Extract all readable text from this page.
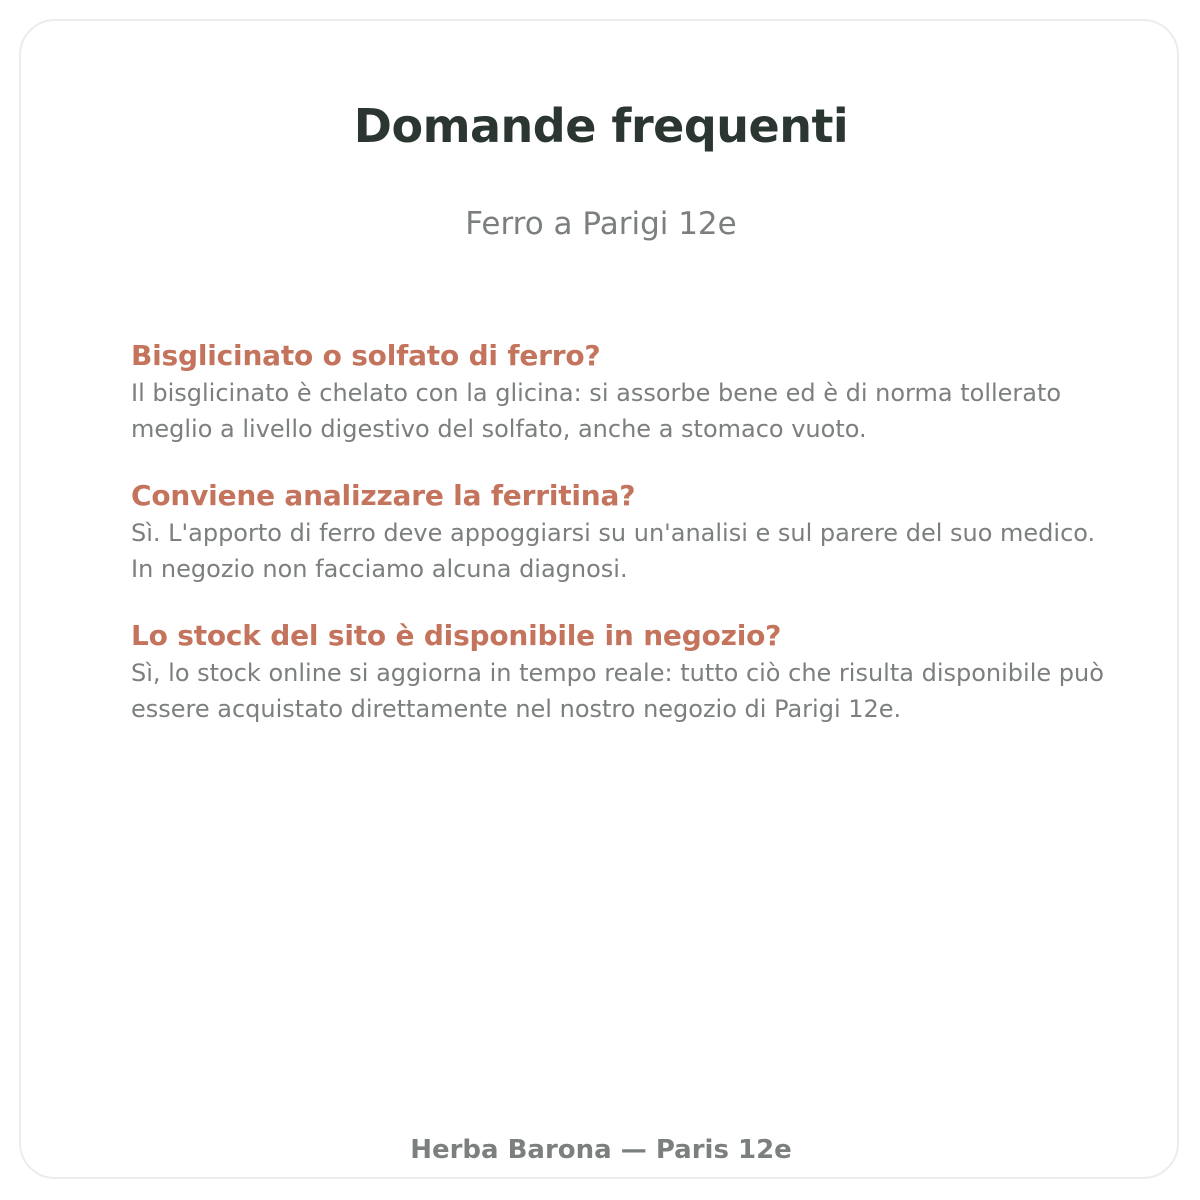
Domande frequenti
Ferro a Parigi 12e
Bisglicinato o solfato di ferro?
Il bisglicinato è chelato con la glicina: si assorbe bene ed è di norma tollerato meglio a livello digestivo del solfato, anche a stomaco vuoto.
Conviene analizzare la ferritina?
Sì. L'apporto di ferro deve appoggiarsi su un'analisi e sul parere del suo medico. In negozio non facciamo alcuna diagnosi.
Lo stock del sito è disponibile in negozio?
Sì, lo stock online si aggiorna in tempo reale: tutto ciò che risulta disponibile può essere acquistato direttamente nel nostro negozio di Parigi 12e.
Herba Barona — Paris 12e
